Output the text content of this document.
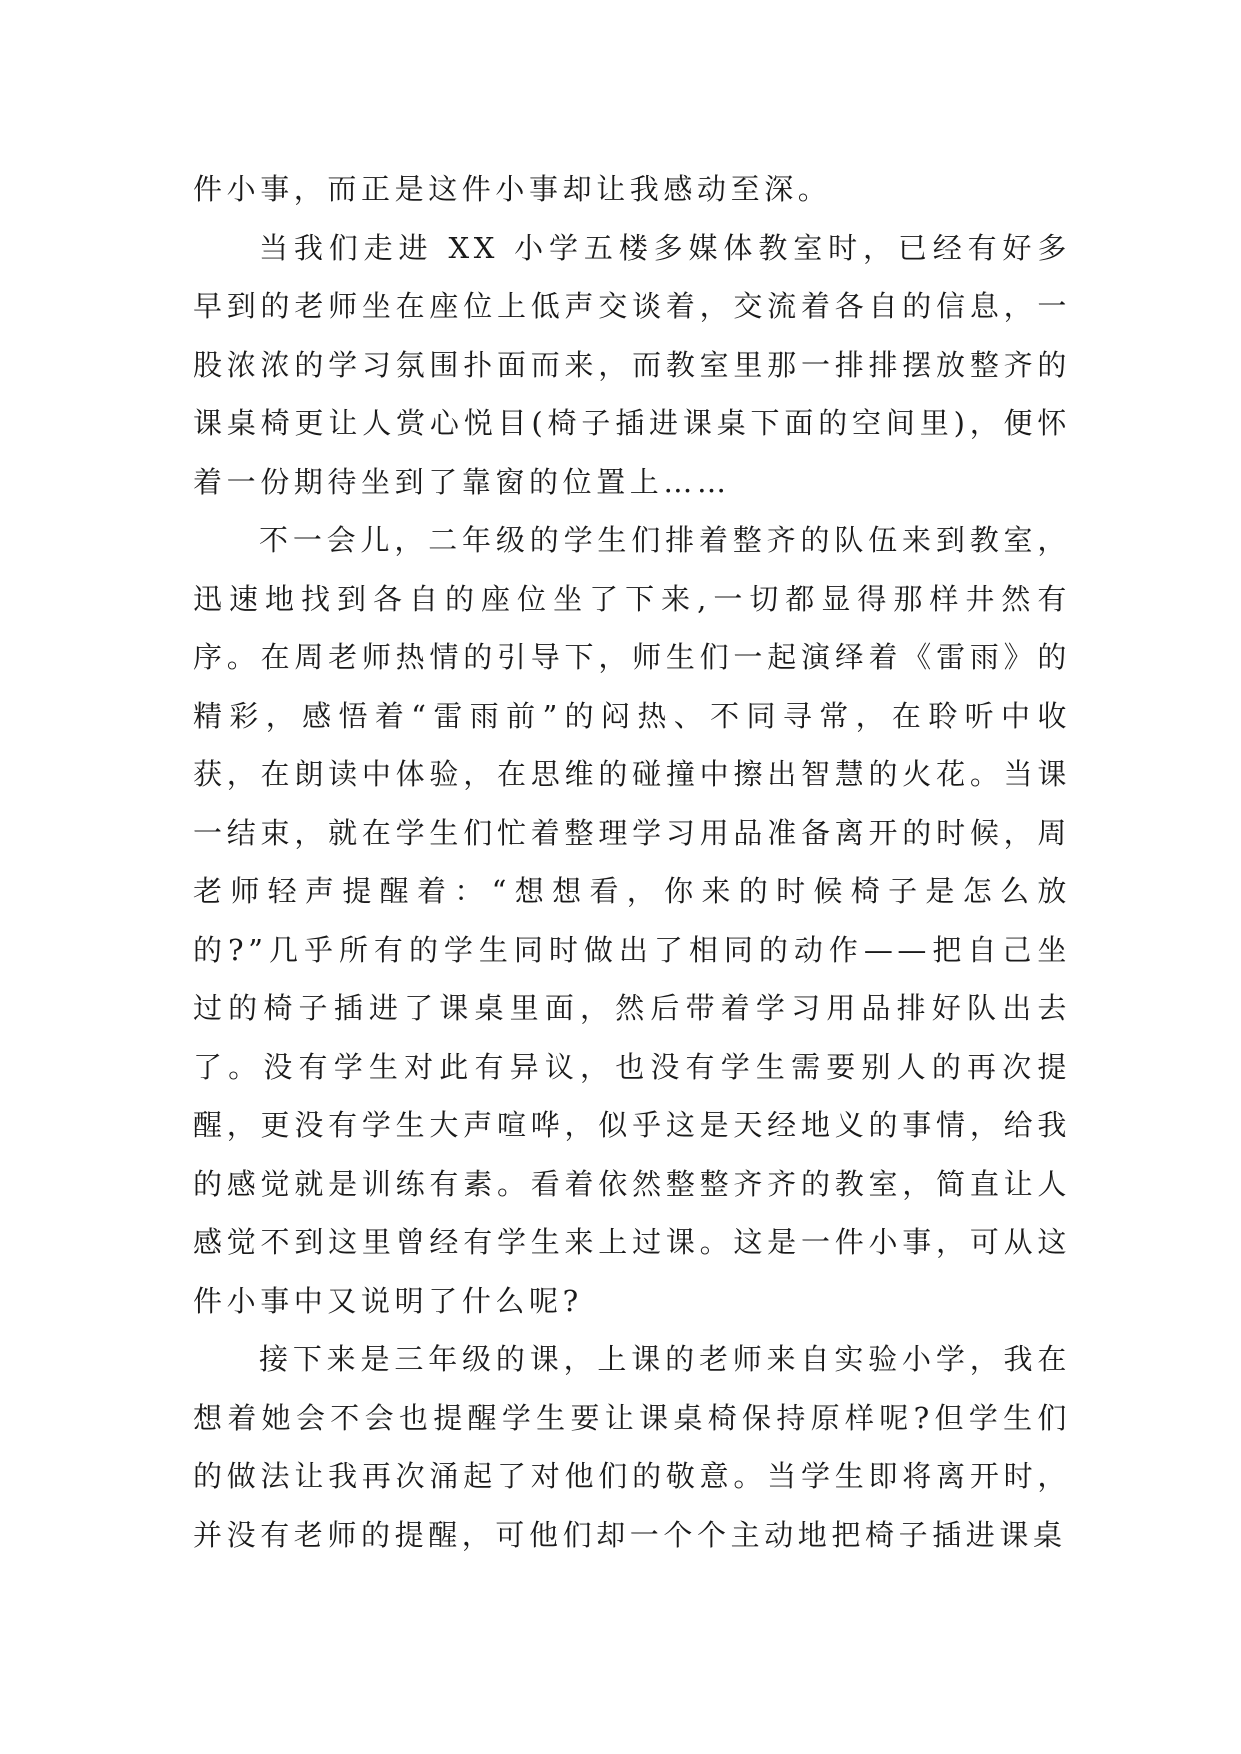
件小事，而正是这件小事却让我感动至深。

当我们走进 XX 小学五楼多媒体教室时，已经有好多早到的老师坐在座位上低声交谈着，交流着各自的信息，一股浓浓的学习氛围扑面而来，而教室里那一排排摆放整齐的课桌椅更让人赏心悦目(椅子插进课桌下面的空间里)，便怀着一份期待坐到了靠窗的位置上……

不一会儿，二年级的学生们排着整齐的队伍来到教室，迅速地找到各自的座位坐了下来,一切都显得那样井然有序。在周老师热情的引导下，师生们一起演绎着《雷雨》的精彩，感悟着“雷雨前”的闷热、不同寻常，在聆听中收获，在朗读中体验，在思维的碰撞中擦出智慧的火花。当课一结束，就在学生们忙着整理学习用品准备离开的时候，周老师轻声提醒着：“想想看，你来的时候椅子是怎么放的?”几乎所有的学生同时做出了相同的动作——把自己坐过的椅子插进了课桌里面，然后带着学习用品排好队出去了。没有学生对此有异议，也没有学生需要别人的再次提醒，更没有学生大声喧哗，似乎这是天经地义的事情，给我的感觉就是训练有素。看着依然整整齐齐的教室，简直让人感觉不到这里曾经有学生来上过课。这是一件小事，可从这件小事中又说明了什么呢?

接下来是三年级的课，上课的老师来自实验小学，我在想着她会不会也提醒学生要让课桌椅保持原样呢?但学生们的做法让我再次涌起了对他们的敬意。当学生即将离开时，并没有老师的提醒，可他们却一个个主动地把椅子插进课桌
